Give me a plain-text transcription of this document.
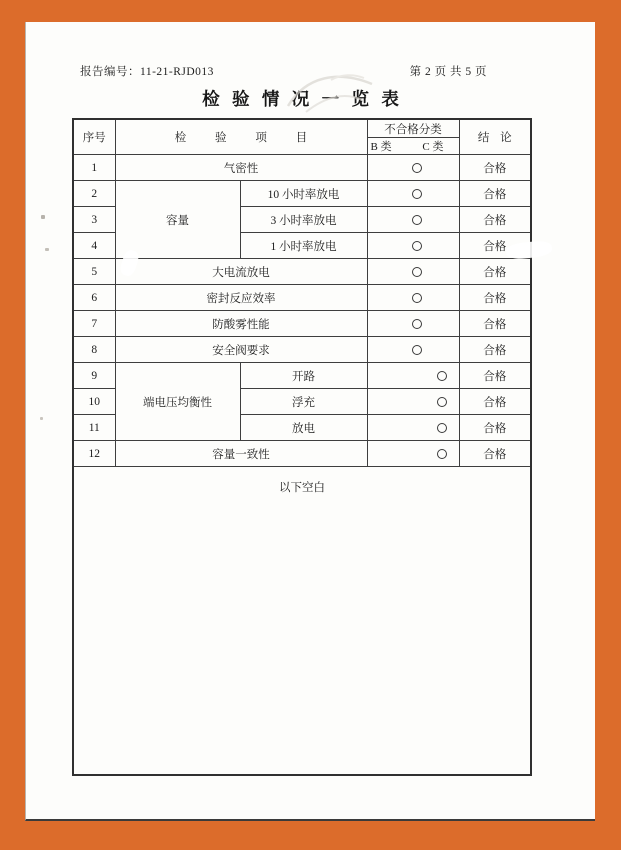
报告编号：11-21-RJD013	第 2 页 共 5 页
检 验 情 况 一 览 表
序号	检 验 项 目		不合格分类	结 论

			B 类 C 类	

1	气密性			合格
2	容量	10 小时率放电		合格
3		3 小时率放电		合格
4		1 小时率放电		合格
5	大电流放电			合格
6	密封反应效率			合格
7	防酸雾性能			合格
8	安全阀要求			合格
9	端电压均衡性	开路		合格
10		浮充		合格
11		放电		合格
12	容量一致性			合格
以下空白				
